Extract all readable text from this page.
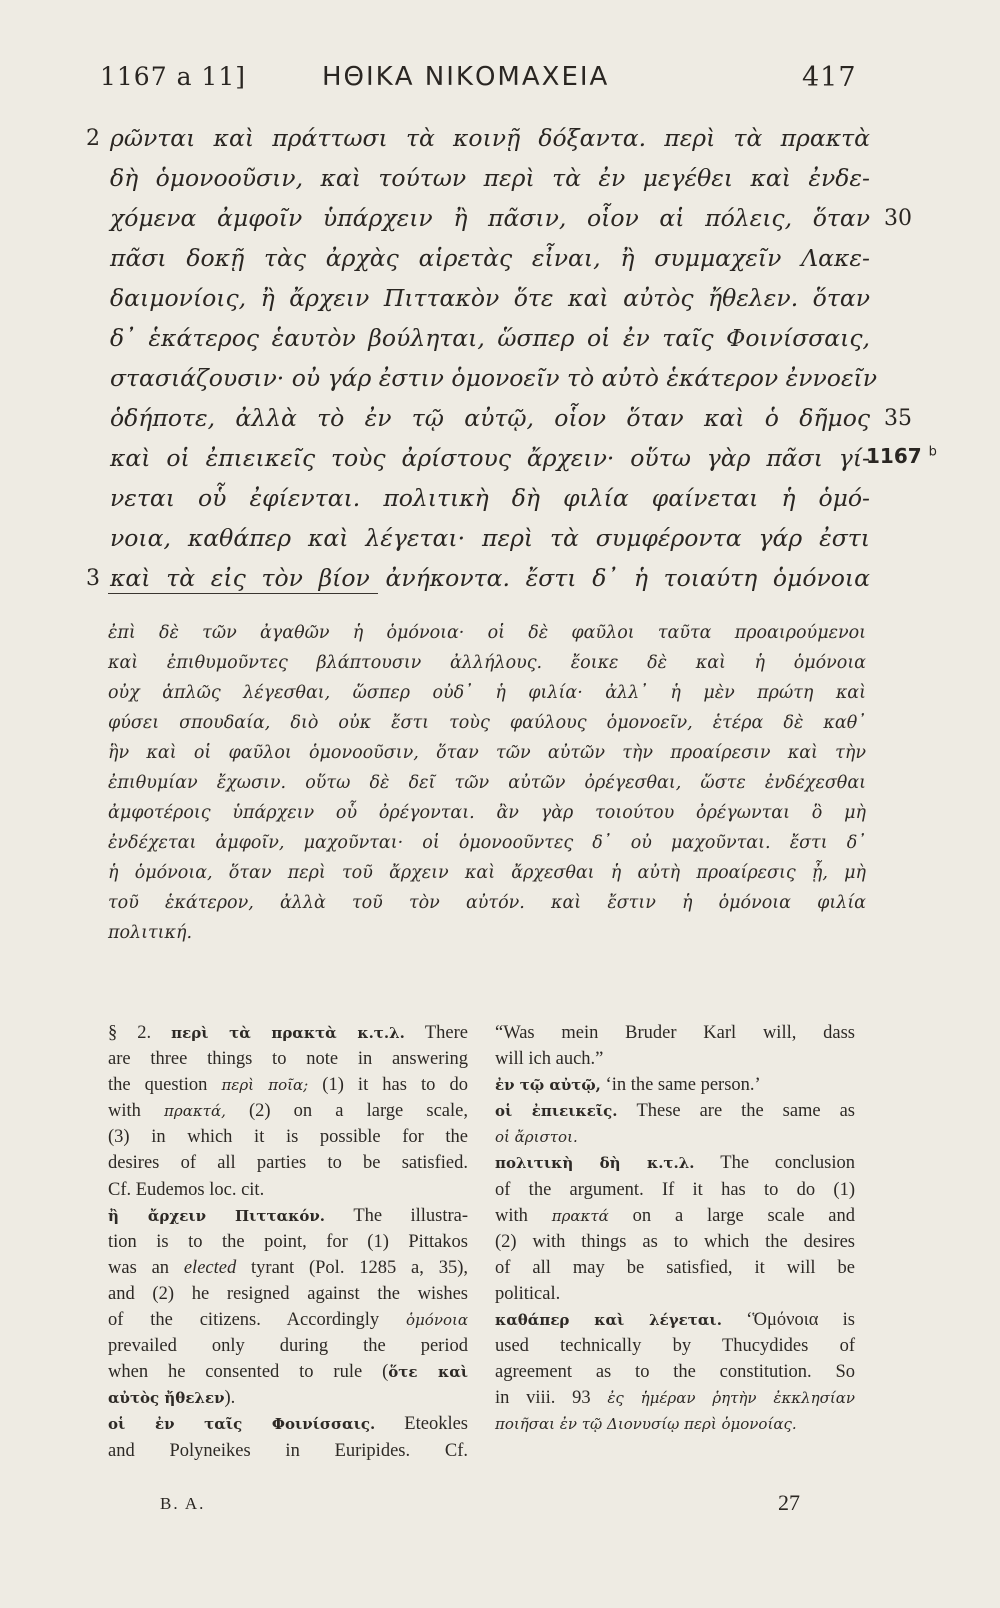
1167 a 11]	ΗΘΙΚΑ ΝΙΚΟΜΑΧΕΙΑ	417
ρῶνται καὶ πράττωσι τὰ κοινῇ δόξαντα. περὶ τὰ πρακτὰ
δὴ ὁμονοοῦσιν, καὶ τούτων περὶ τὰ ἐν μεγέθει καὶ ἐνδε-
χόμενα ἀμφοῖν ὑπάρχειν ἢ πᾶσιν, οἷον αἱ πόλεις, ὅταν
πᾶσι δοκῇ τὰς ἀρχὰς αἱρετὰς εἶναι, ἢ συμμαχεῖν Λακε-
δαιμονίοις, ἢ ἄρχειν Πιττακὸν ὅτε καὶ αὐτὸς ἤθελεν. ὅταν
δ᾽ ἑκάτερος ἑαυτὸν βούληται, ὥσπερ οἱ ἐν ταῖς Φοινίσσαις,
στασιάζουσιν· οὐ γάρ ἐστιν ὁμονοεῖν τὸ αὐτὸ ἑκάτερον ἐννοεῖν
ὁδήποτε, ἀλλὰ τὸ ἐν τῷ αὐτῷ, οἷον ὅταν καὶ ὁ δῆμος
καὶ οἱ ἐπιεικεῖς τοὺς ἀρίστους ἄρχειν· οὕτω γὰρ πᾶσι γί-
νεται οὗ ἐφίενται. πολιτικὴ δὴ φιλία φαίνεται ἡ ὁμό-
νοια, καθάπερ καὶ λέγεται· περὶ τὰ συμφέροντα γάρ ἐστι
καὶ τὰ εἰς τὸν βίον ἀνήκοντα. ἔστι δ᾽ ἡ τοιαύτη ὁμόνοια
2
3
30
35
1167 $^b$
ἐπὶ δὲ τῶν ἀγαθῶν ἡ ὁμόνοια· οἱ δὲ φαῦλοι ταῦτα προαιρούμενοι
καὶ ἐπιθυμοῦντες βλάπτουσιν ἀλλήλους. ἔοικε δὲ καὶ ἡ ὁμόνοια
οὐχ ἁπλῶς λέγεσθαι, ὥσπερ οὐδ᾽ ἡ φιλία· ἀλλ᾽ ἡ μὲν πρώτη καὶ
φύσει σπουδαία, διὸ οὐκ ἔστι τοὺς φαύλους ὁμονοεῖν, ἑτέρα δὲ καθ᾽
ἣν καὶ οἱ φαῦλοι ὁμονοοῦσιν, ὅταν τῶν αὐτῶν τὴν προαίρεσιν καὶ τὴν
ἐπιθυμίαν ἔχωσιν. οὕτω δὲ δεῖ τῶν αὐτῶν ὀρέγεσθαι, ὥστε ἐνδέχεσθαι
ἀμφοτέροις ὑπάρχειν οὗ ὀρέγονται. ἂν γὰρ τοιούτου ὀρέγωνται ὃ μὴ
ἐνδέχεται ἀμφοῖν, μαχοῦνται· οἱ ὁμονοοῦντες δ᾽ οὐ μαχοῦνται. ἔστι δ᾽
ἡ ὁμόνοια, ὅταν περὶ τοῦ ἄρχειν καὶ ἄρχεσθαι ἡ αὐτὴ προαίρεσις ᾖ, μὴ
τοῦ ἑκάτερον, ἀλλὰ τοῦ τὸν αὐτόν. καὶ ἔστιν ἡ ὁμόνοια φιλία
πολιτική.
§ 2. περὶ τὰ πρακτὰ κ.τ.λ. There
are three things to note in answering
the question περὶ ποῖα; (1) it has to do
with πρακτά, (2) on a large scale,
(3) in which it is possible for the
desires of all parties to be satisfied.
Cf. Eudemos loc. cit.
ἢ ἄρχειν Πιττακόν. The illustra-
tion is to the point, for (1) Pittakos
was an elected tyrant (Pol. 1285 a, 35),
and (2) he resigned against the wishes
of the citizens. Accordingly ὁμόνοια
prevailed only during the period
when he consented to rule (ὅτε καὶ
αὐτὸς ἤθελεν).
οἱ ἐν ταῖς Φοινίσσαις. Eteokles
and Polyneikes in Euripides. Cf.
“Was mein Bruder Karl will, dass
will ich auch.”
ἐν τῷ αὐτῷ, ‘in the same person.’
οἱ ἐπιεικεῖς. These are the same as
οἱ ἄριστοι.
πολιτικὴ δὴ κ.τ.λ. The conclusion
of the argument. If it has to do (1)
with πρακτά on a large scale and
(2) with things as to which the desires
of all may be satisfied, it will be
political.
καθάπερ καὶ λέγεται. ‘Ὁμόνοια is
used technically by Thucydides of
agreement as to the constitution. So
in viii. 93 ἐς ἡμέραν ῥητὴν ἐκκλησίαν
ποιῆσαι ἐν τῷ Διονυσίῳ περὶ ὁμονοίας.
B. A.	27
